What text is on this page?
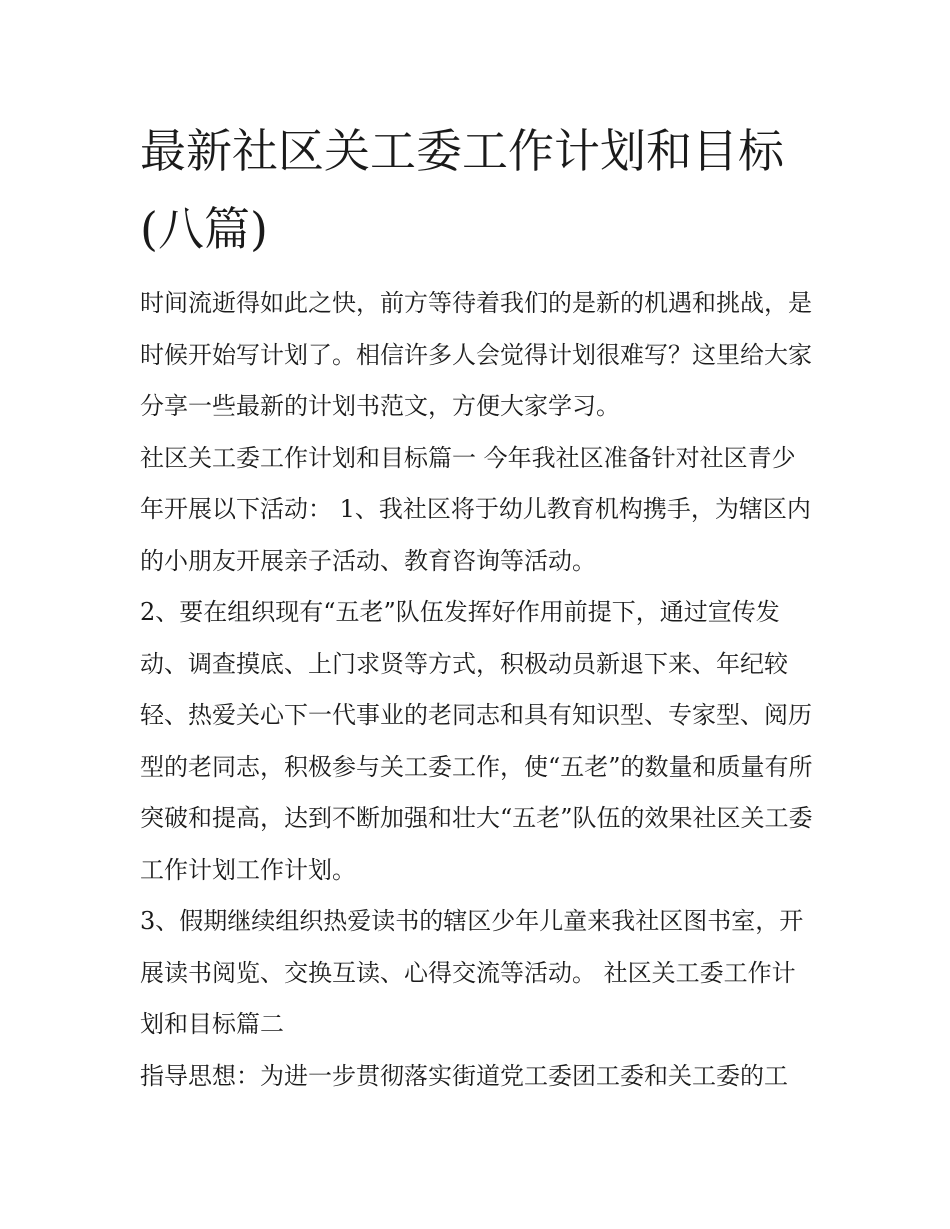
最新社区关工委工作计划和目标(八篇)

时间流逝得如此之快，前方等待着我们的是新的机遇和挑战，是时候开始写计划了。相信许多人会觉得计划很难写？这里给大家分享一些最新的计划书范文，方便大家学习。

社区关工委工作计划和目标篇一 今年我社区准备针对社区青少年开展以下活动： 1、我社区将于幼儿教育机构携手，为辖区内的小朋友开展亲子活动、教育咨询等活动。

2、要在组织现有“五老”队伍发挥好作用前提下，通过宣传发动、调查摸底、上门求贤等方式，积极动员新退下来、年纪较轻、热爱关心下一代事业的老同志和具有知识型、专家型、阅历型的老同志，积极参与关工委工作，使“五老”的数量和质量有所突破和提高，达到不断加强和壮大“五老”队伍的效果社区关工委工作计划工作计划。

3、假期继续组织热爱读书的辖区少年儿童来我社区图书室，开展读书阅览、交换互读、心得交流等活动。 社区关工委工作计划和目标篇二

指导思想：为进一步贯彻落实街道党工委团工委和关工委的工
